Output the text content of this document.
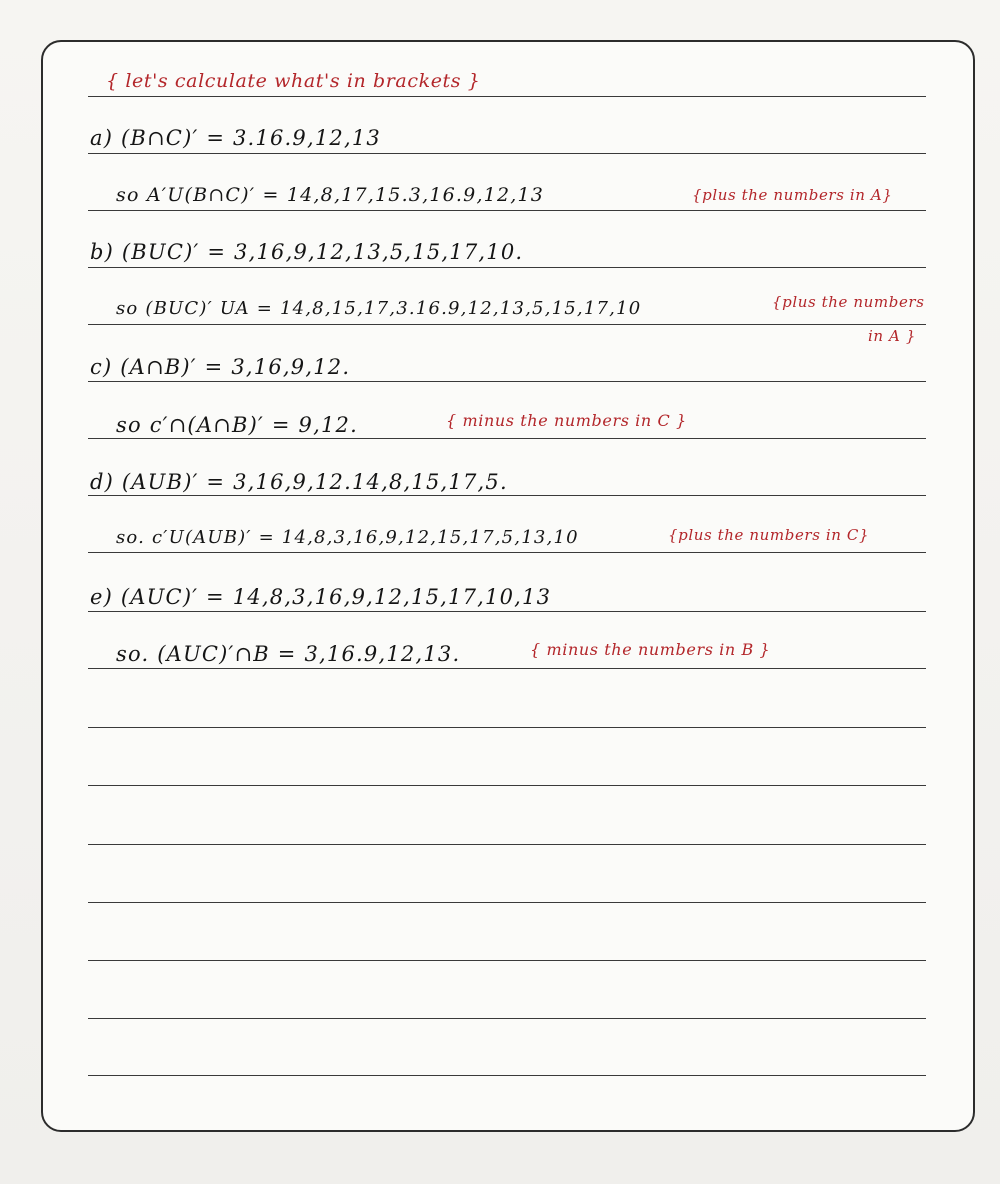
{ let's calculate what's in brackets }
a) (B∩C)′ = 3.16.9,12,13
so A′U(B∩C)′ = 14,8,17,15.3,16.9,12,13	{plus the numbers in A}
b) (BUC)′ = 3,16,9,12,13,5,15,17,10.
so (BUC)′ UA = 14,8,15,17,3.16.9,12,13,5,15,17,10	{plus the numbers
in A }
c) (A∩B)′ = 3,16,9,12.
so c′∩(A∩B)′ = 9,12.	{ minus the numbers in C }
d) (AUB)′ = 3,16,9,12.14,8,15,17,5.
so. c′U(AUB)′ = 14,8,3,16,9,12,15,17,5,13,10	{plus the numbers in C}
e) (AUC)′ = 14,8,3,16,9,12,15,17,10,13
so. (AUC)′∩B = 3,16.9,12,13.	{ minus the numbers in B }
